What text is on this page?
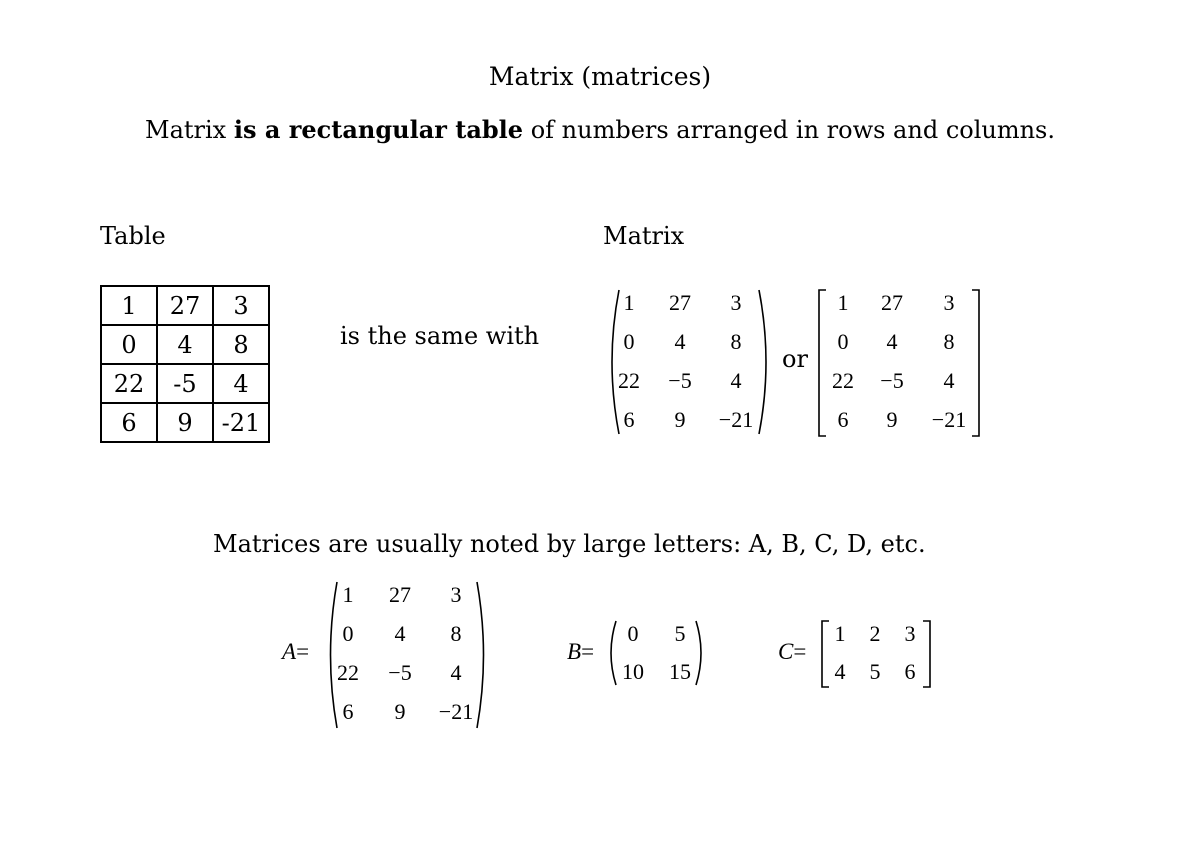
Matrix (matrices)
Matrix is a rectangular table of numbers arranged in rows and columns.
Table	Matrix
1	27	3
0	4	8
22	-5	4
6	9	-21
is the same with
1	27	3
0	4	8
22	−5	4
6	9	−21
or
1	27	3
0	4	8
22	−5	4
6	9	−21
Matrices are usually noted by large letters: A, B, C, D, etc.
A=
1	27	3
0	4	8
22	−5	4
6	9	−21
B=
0	5
10	15
C=
1	2	3
4	5	6
